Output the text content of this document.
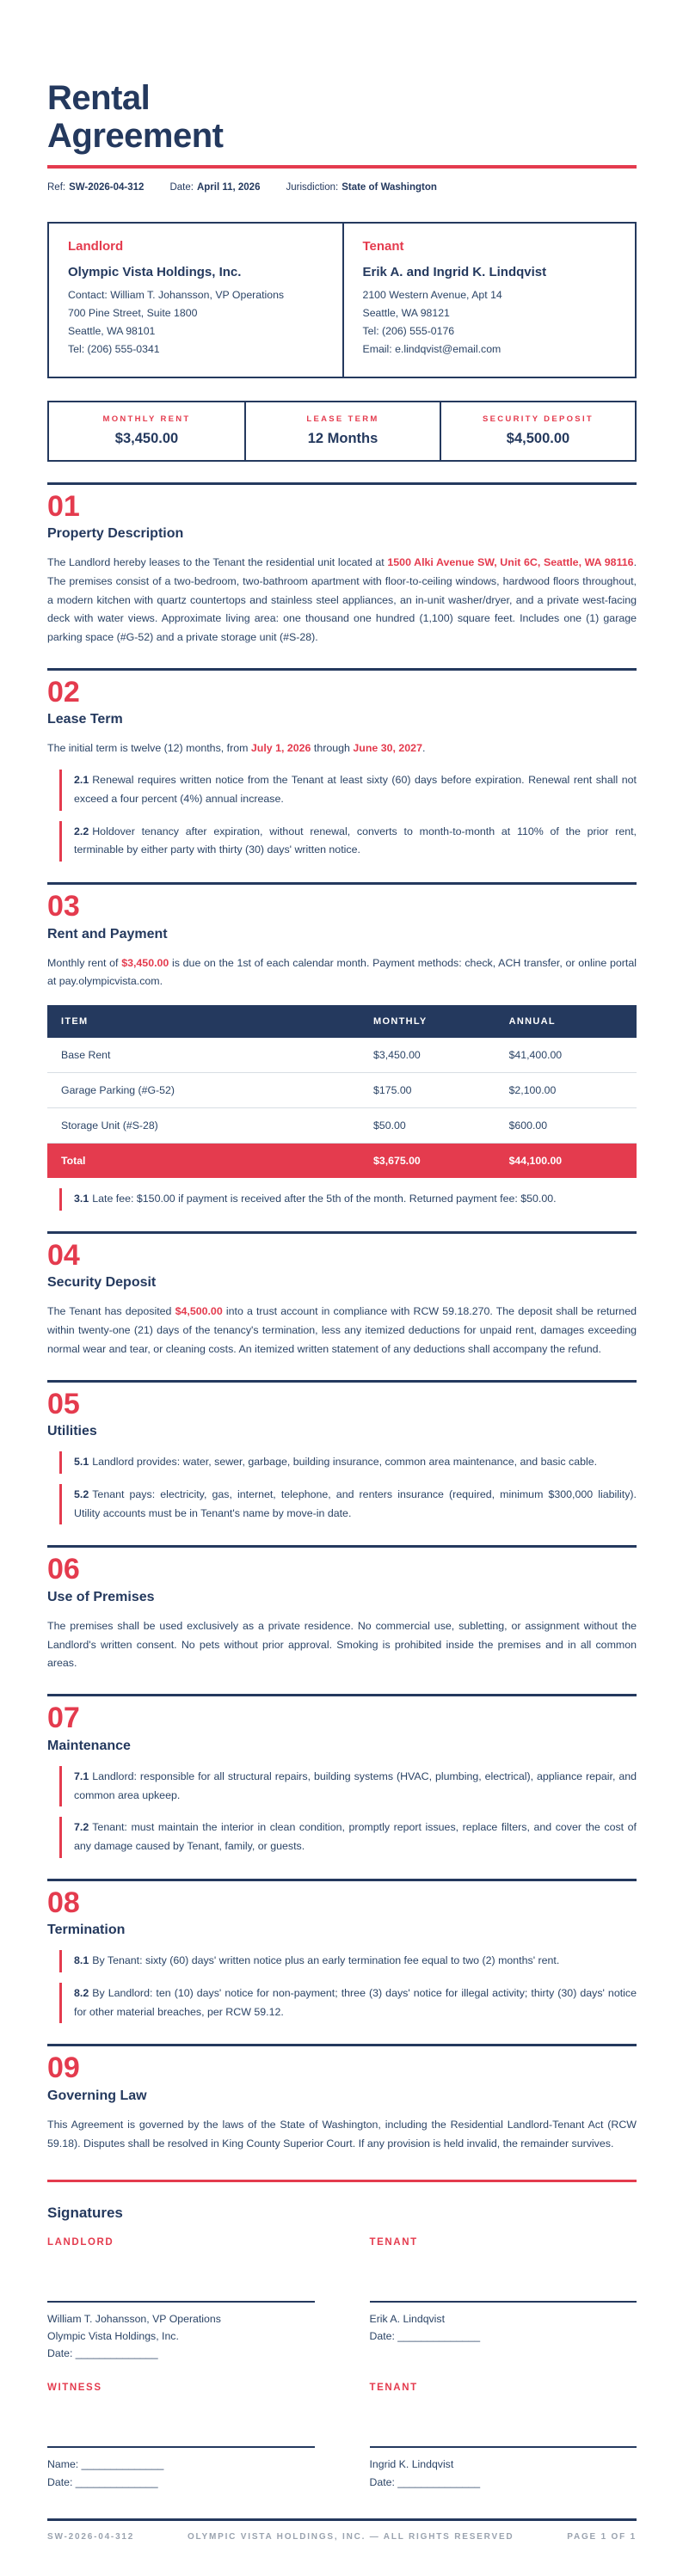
Rental Agreement
Ref: SW-2026-04-312	Date: April 11, 2026	Jurisdiction: State of Washington
Landlord
Olympic Vista Holdings, Inc.
Contact: William T. Johansson, VP Operations
700 Pine Street, Suite 1800
Seattle, WA 98101
Tel: (206) 555-0341
Tenant
Erik A. and Ingrid K. Lindqvist
2100 Western Avenue, Apt 14
Seattle, WA 98121
Tel: (206) 555-0176
Email: e.lindqvist@email.com
MONTHLY RENT
$3,450.00
LEASE TERM
12 Months
SECURITY DEPOSIT
$4,500.00
01
Property Description

The Landlord hereby leases to the Tenant the residential unit located at 1500 Alki Avenue SW, Unit 6C, Seattle, WA 98116. The premises consist of a two-bedroom, two-bathroom apartment with floor-to-ceiling windows, hardwood floors throughout, a modern kitchen with quartz countertops and stainless steel appliances, an in-unit washer/dryer, and a private west-facing deck with water views. Approximate living area: one thousand one hundred (1,100) square feet. Includes one (1) garage parking space (#G-52) and a private storage unit (#S-28).

02
Lease Term

The initial term is twelve (12) months, from July 1, 2026 through June 30, 2027.

2.1 Renewal requires written notice from the Tenant at least sixty (60) days before expiration. Renewal rent shall not exceed a four percent (4%) annual increase.
2.2 Holdover tenancy after expiration, without renewal, converts to month-to-month at 110% of the prior rent, terminable by either party with thirty (30) days' written notice.
03
Rent and Payment

Monthly rent of $3,450.00 is due on the 1st of each calendar month. Payment methods: check, ACH transfer, or online portal at pay.olympicvista.com.

ITEM	MONTHLY	ANNUAL
Base Rent	$3,450.00	$41,400.00
Garage Parking (#G-52)	$175.00	$2,100.00
Storage Unit (#S-28)	$50.00	$600.00
Total	$3,675.00	$44,100.00
3.1 Late fee: $150.00 if payment is received after the 5th of the month. Returned payment fee: $50.00.
04
Security Deposit

The Tenant has deposited $4,500.00 into a trust account in compliance with RCW 59.18.270. The deposit shall be returned within twenty-one (21) days of the tenancy's termination, less any itemized deductions for unpaid rent, damages exceeding normal wear and tear, or cleaning costs. An itemized written statement of any deductions shall accompany the refund.

05
Utilities
5.1 Landlord provides: water, sewer, garbage, building insurance, common area maintenance, and basic cable.
5.2 Tenant pays: electricity, gas, internet, telephone, and renters insurance (required, minimum $300,000 liability). Utility accounts must be in Tenant's name by move-in date.
06
Use of Premises

The premises shall be used exclusively as a private residence. No commercial use, subletting, or assignment without the Landlord's written consent. No pets without prior approval. Smoking is prohibited inside the premises and in all common areas.

07
Maintenance
7.1 Landlord: responsible for all structural repairs, building systems (HVAC, plumbing, electrical), appliance repair, and common area upkeep.
7.2 Tenant: must maintain the interior in clean condition, promptly report issues, replace filters, and cover the cost of any damage caused by Tenant, family, or guests.
08
Termination
8.1 By Tenant: sixty (60) days' written notice plus an early termination fee equal to two (2) months' rent.
8.2 By Landlord: ten (10) days' notice for non-payment; three (3) days' notice for illegal activity; thirty (30) days' notice for other material breaches, per RCW 59.12.
09
Governing Law

This Agreement is governed by the laws of the State of Washington, including the Residential Landlord-Tenant Act (RCW 59.18). Disputes shall be resolved in King County Superior Court. If any provision is held invalid, the remainder survives.

Signatures
LANDLORD
William T. Johansson, VP Operations
Olympic Vista Holdings, Inc.
Date: ______________
TENANT
Erik A. Lindqvist
Date: ______________
WITNESS
Name: ______________
Date: ______________
TENANT
Ingrid K. Lindqvist
Date: ______________
SW-2026-04-312	OLYMPIC VISTA HOLDINGS, INC. — ALL RIGHTS RESERVED	PAGE 1 OF 1
